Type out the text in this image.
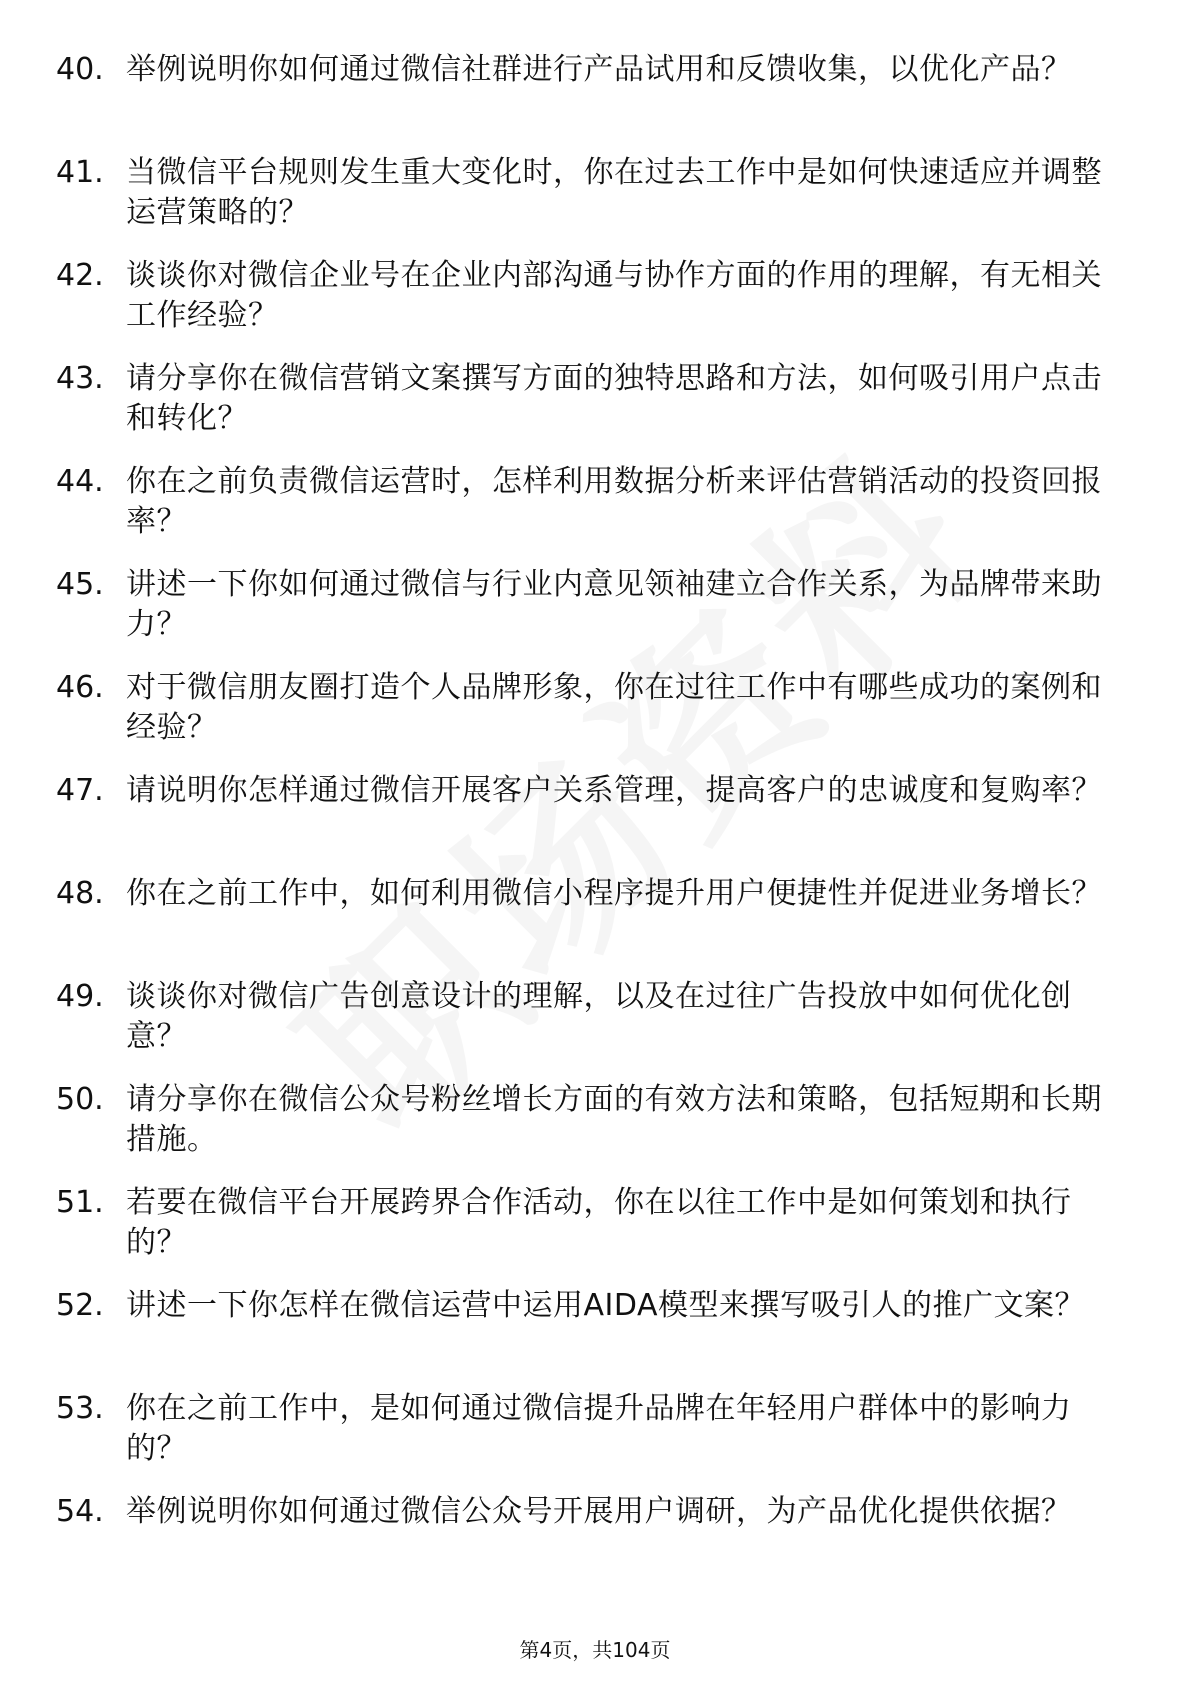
40. 举例说明你如何通过微信社群进行产品试用和反馈收集，以优化产品？
41. 当微信平台规则发生重大变化时，你在过去工作中是如何快速适应并调整运营策略的？
42. 谈谈你对微信企业号在企业内部沟通与协作方面的作用的理解，有无相关工作经验？
43. 请分享你在微信营销文案撰写方面的独特思路和方法，如何吸引用户点击和转化？
44. 你在之前负责微信运营时，怎样利用数据分析来评估营销活动的投资回报率？
45. 讲述一下你如何通过微信与行业内意见领袖建立合作关系，为品牌带来助力？
46. 对于微信朋友圈打造个人品牌形象，你在过往工作中有哪些成功的案例和经验？
47. 请说明你怎样通过微信开展客户关系管理，提高客户的忠诚度和复购率？
48. 你在之前工作中，如何利用微信小程序提升用户便捷性并促进业务增长？
49. 谈谈你对微信广告创意设计的理解，以及在过往广告投放中如何优化创意？
50. 请分享你在微信公众号粉丝增长方面的有效方法和策略，包括短期和长期措施。
51. 若要在微信平台开展跨界合作活动，你在以往工作中是如何策划和执行的？
52. 讲述一下你怎样在微信运营中运用AIDA模型来撰写吸引人的推广文案？
53. 你在之前工作中，是如何通过微信提升品牌在年轻用户群体中的影响力的？
54. 举例说明你如何通过微信公众号开展用户调研，为产品优化提供依据？
第4页，共104页
